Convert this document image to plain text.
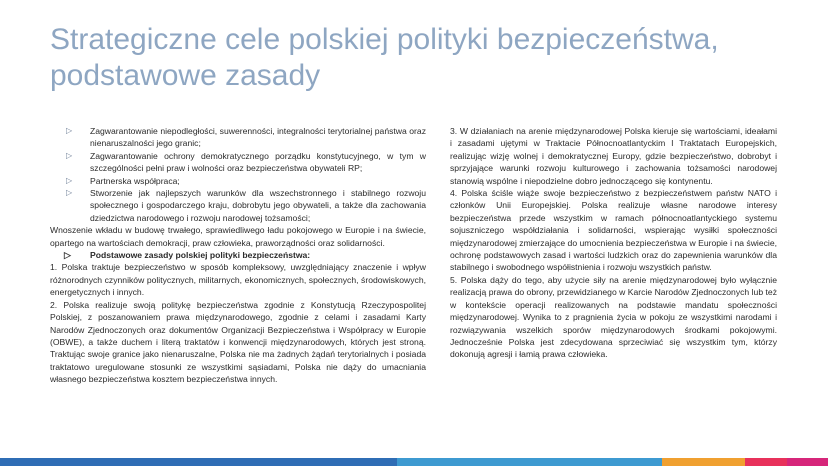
Strategiczne cele polskiej polityki bezpieczeństwa, podstawowe zasady
▷ Zagwarantowanie niepodległości, suwerenności, integralności terytorialnej państwa oraz nienaruszalności jego granic;
▷ Zagwarantowanie ochrony demokratycznego porządku konstytucyjnego, w tym w szczególności pełni praw i wolności oraz bezpieczeństwa obywateli RP;
▷ Partnerska współpraca;
▷ Stworzenie jak najlepszych warunków dla wszechstronnego i stabilnego rozwoju społecznego i gospodarczego kraju, dobrobytu jego obywateli, a także dla zachowania dziedzictwa narodowego i rozwoju narodowej tożsamości;

Wnoszenie wkładu w budowę trwałego, sprawiedliwego ładu pokojowego w Europie i na świecie, opartego na wartościach demokracji, praw człowieka, praworządności oraz solidarności.

▷ Podstawowe zasady polskiej polityki bezpieczeństwa:

1. Polska traktuje bezpieczeństwo w sposób kompleksowy, uwzględniający znaczenie i wpływ różnorodnych czynników politycznych, militarnych, ekonomicznych, społecznych, środowiskowych, energetycznych i innych.

2. Polska realizuje swoją politykę bezpieczeństwa zgodnie z Konstytucją Rzeczypospolitej Polskiej, z poszanowaniem prawa międzynarodowego, zgodnie z celami i zasadami Karty Narodów Zjednoczonych oraz dokumentów Organizacji Bezpieczeństwa i Współpracy w Europie (OBWE), a także duchem i literą traktatów i konwencji międzynarodowych, których jest stroną. Traktując swoje granice jako nienaruszalne, Polska nie ma żadnych żądań terytorialnych i posiada traktatowo uregulowane stosunki ze wszystkimi sąsiadami, Polska nie dąży do umacniania własnego bezpieczeństwa kosztem bezpieczeństwa innych.

3. W działaniach na arenie międzynarodowej Polska kieruje się wartościami, ideałami i zasadami ujętymi w Traktacie Północnoatlantyckim I Traktatach Europejskich, realizując wizję wolnej i demokratycznej Europy, gdzie bezpieczeństwo, dobrobyt i sprzyjające warunki rozwoju kulturowego i zachowania tożsamości narodowej stanowią wspólne i niepodzielne dobro jednoczącego się kontynentu.

4. Polska ściśle wiąże swoje bezpieczeństwo z bezpieczeństwem państw NATO i członków Unii Europejskiej. Polska realizuje własne narodowe interesy bezpieczeństwa przede wszystkim w ramach północnoatlantyckiego systemu sojuszniczego współdziałania i solidarności, wspierając wysiłki społeczności międzynarodowej zmierzające do umocnienia bezpieczeństwa w Europie i na świecie, ochronę podstawowych zasad i wartości ludzkich oraz do zapewnienia warunków dla stabilnego i swobodnego współistnienia i rozwoju wszystkich państw.

5. Polska dąży do tego, aby użycie siły na arenie międzynarodowej było wyłącznie realizacją prawa do obrony, przewidzianego w Karcie Narodów Zjednoczonych lub też w kontekście operacji realizowanych na podstawie mandatu społeczności międzynarodowej. Wynika to z pragnienia życia w pokoju ze wszystkimi narodami i rozwiązywania wszelkich sporów międzynarodowych środkami pokojowymi. Jednocześnie Polska jest zdecydowana sprzeciwiać się wszystkim tym, którzy dokonują agresji i łamią prawa człowieka.
